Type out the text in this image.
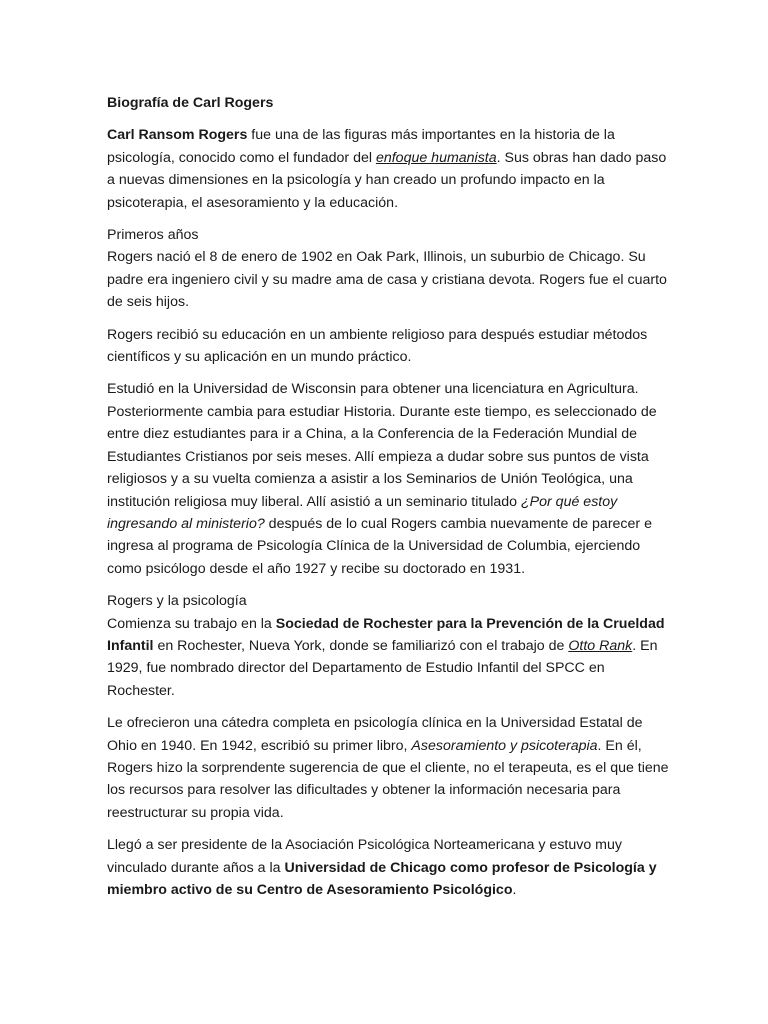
Biografía de Carl Rogers

Carl Ransom Rogers fue una de las figuras más importantes en la historia de la psicología, conocido como el fundador del enfoque humanista. Sus obras han dado paso a nuevas dimensiones en la psicología y han creado un profundo impacto en la psicoterapia, el asesoramiento y la educación.

Primeros años
Rogers nació el 8 de enero de 1902 en Oak Park, Illinois, un suburbio de Chicago. Su padre era ingeniero civil y su madre ama de casa y cristiana devota. Rogers fue el cuarto de seis hijos.

Rogers recibió su educación en un ambiente religioso para después estudiar métodos científicos y su aplicación en un mundo práctico.

Estudió en la Universidad de Wisconsin para obtener una licenciatura en Agricultura. Posteriormente cambia para estudiar Historia. Durante este tiempo, es seleccionado de entre diez estudiantes para ir a China, a la Conferencia de la Federación Mundial de Estudiantes Cristianos por seis meses. Allí empieza a dudar sobre sus puntos de vista religiosos y a su vuelta comienza a asistir a los Seminarios de Unión Teológica, una institución religiosa muy liberal. Allí asistió a un seminario titulado ¿Por qué estoy ingresando al ministerio? después de lo cual Rogers cambia nuevamente de parecer e ingresa al programa de Psicología Clínica de la Universidad de Columbia, ejerciendo como psicólogo desde el año 1927 y recibe su doctorado en 1931.

Rogers y la psicología
Comienza su trabajo en la Sociedad de Rochester para la Prevención de la Crueldad Infantil en Rochester, Nueva York, donde se familiarizó con el trabajo de Otto Rank. En 1929, fue nombrado director del Departamento de Estudio Infantil del SPCC en Rochester.

Le ofrecieron una cátedra completa en psicología clínica en la Universidad Estatal de Ohio en 1940. En 1942, escribió su primer libro, Asesoramiento y psicoterapia. En él, Rogers hizo la sorprendente sugerencia de que el cliente, no el terapeuta, es el que tiene los recursos para resolver las dificultades y obtener la información necesaria para reestructurar su propia vida.

Llegó a ser presidente de la Asociación Psicológica Norteamericana y estuvo muy vinculado durante años a la Universidad de Chicago como profesor de Psicología y miembro activo de su Centro de Asesoramiento Psicológico.
